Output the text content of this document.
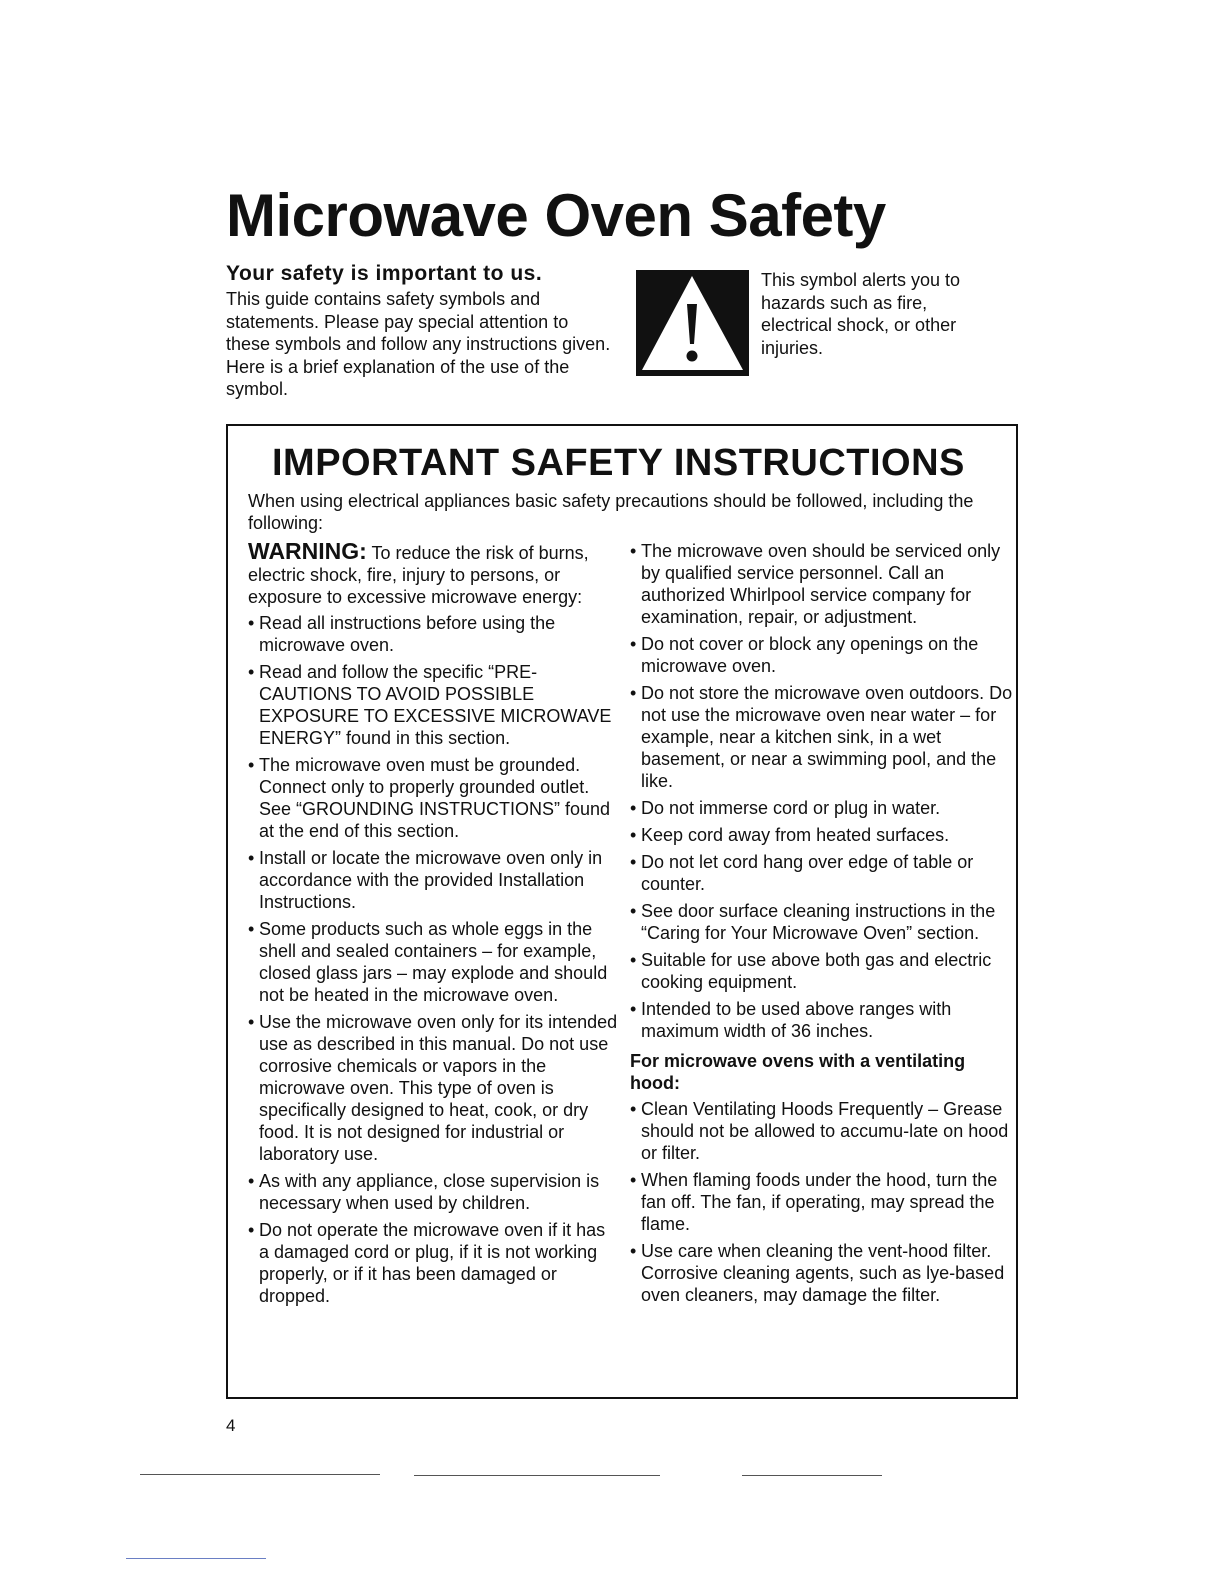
Microwave Oven Safety
Your safety is important to us.

This guide contains safety symbols and statements. Please pay special attention to these symbols and follow any instructions given. Here is a brief explanation of the use of the symbol.

This symbol alerts you to hazards such as fire, electrical shock, or other injuries.

IMPORTANT SAFETY INSTRUCTIONS

When using electrical appliances basic safety precautions should be followed, including the following:

WARNING: To reduce the risk of burns, electric shock, fire, injury to persons, or exposure to excessive microwave energy:

• Read all instructions before using the microwave oven.
• Read and follow the specific “PRE-CAUTIONS TO AVOID POSSIBLE EXPOSURE TO EXCESSIVE MICROWAVE ENERGY” found in this section.
• The microwave oven must be grounded. Connect only to properly grounded outlet. See “GROUNDING INSTRUCTIONS” found at the end of this section.
• Install or locate the microwave oven only in accordance with the provided Installation Instructions.
• Some products such as whole eggs in the shell and sealed containers – for example, closed glass jars – may explode and should not be heated in the microwave oven.
• Use the microwave oven only for its intended use as described in this manual. Do not use corrosive chemicals or vapors in the microwave oven. This type of oven is specifically designed to heat, cook, or dry food. It is not designed for industrial or laboratory use.
• As with any appliance, close supervision is necessary when used by children.
• Do not operate the microwave oven if it has a damaged cord or plug, if it is not working properly, or if it has been damaged or dropped.
• The microwave oven should be serviced only by qualified service personnel. Call an authorized Whirlpool service company for examination, repair, or adjustment.
• Do not cover or block any openings on the microwave oven.
• Do not store the microwave oven outdoors. Do not use the microwave oven near water – for example, near a kitchen sink, in a wet basement, or near a swimming pool, and the like.
• Do not immerse cord or plug in water.
• Keep cord away from heated surfaces.
• Do not let cord hang over edge of table or counter.
• See door surface cleaning instructions in the “Caring for Your Microwave Oven” section.
• Suitable for use above both gas and electric cooking equipment.
• Intended to be used above ranges with maximum width of 36 inches.

For microwave ovens with a ventilating hood:

• Clean Ventilating Hoods Frequently – Grease should not be allowed to accumu-late on hood or filter.
• When flaming foods under the hood, turn the fan off. The fan, if operating, may spread the flame.
• Use care when cleaning the vent-hood filter. Corrosive cleaning agents, such as lye-based oven cleaners, may damage the filter.
4
